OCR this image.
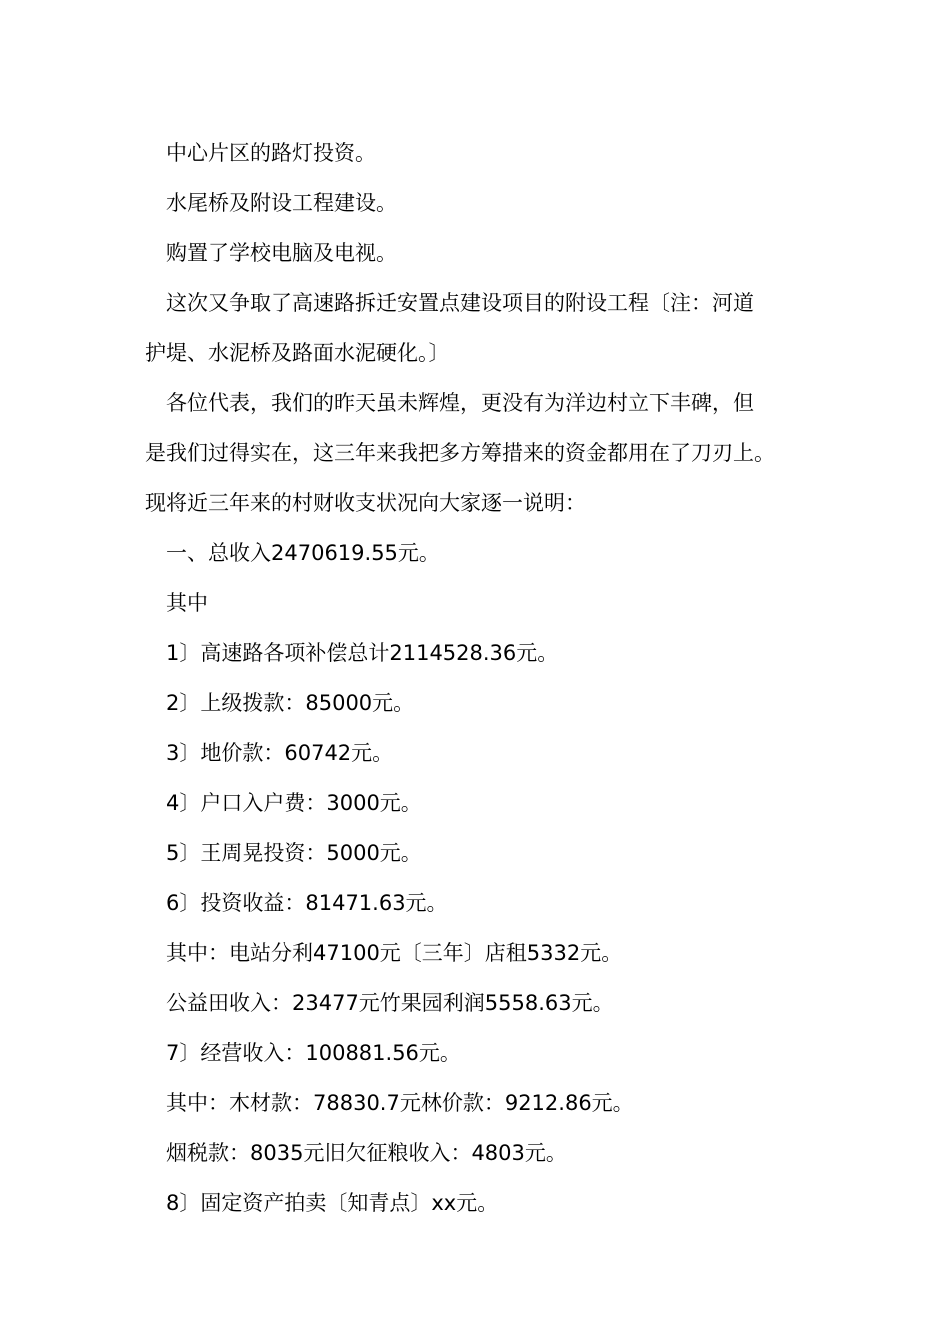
中心片区的路灯投资。

水尾桥及附设工程建设。

购置了学校电脑及电视。

这次又争取了高速路拆迁安置点建设项目的附设工程〔注：河道

护堤、水泥桥及路面水泥硬化。〕

各位代表，我们的昨天虽未辉煌，更没有为洋边村立下丰碑，但

是我们过得实在，这三年来我把多方筹措来的资金都用在了刀刃上。

现将近三年来的村财收支状况向大家逐一说明：

一、总收入2470619.55元。

其中

1〕高速路各项补偿总计2114528.36元。

2〕上级拨款：85000元。

3〕地价款：60742元。

4〕户口入户费：3000元。

5〕王周晃投资：5000元。

6〕投资收益：81471.63元。

其中：电站分利47100元〔三年〕店租5332元。

公益田收入：23477元竹果园利润5558.63元。

7〕经营收入：100881.56元。

其中：木材款：78830.7元林价款：9212.86元。

烟税款：8035元旧欠征粮收入：4803元。

8〕固定资产拍卖〔知青点〕xx元。
